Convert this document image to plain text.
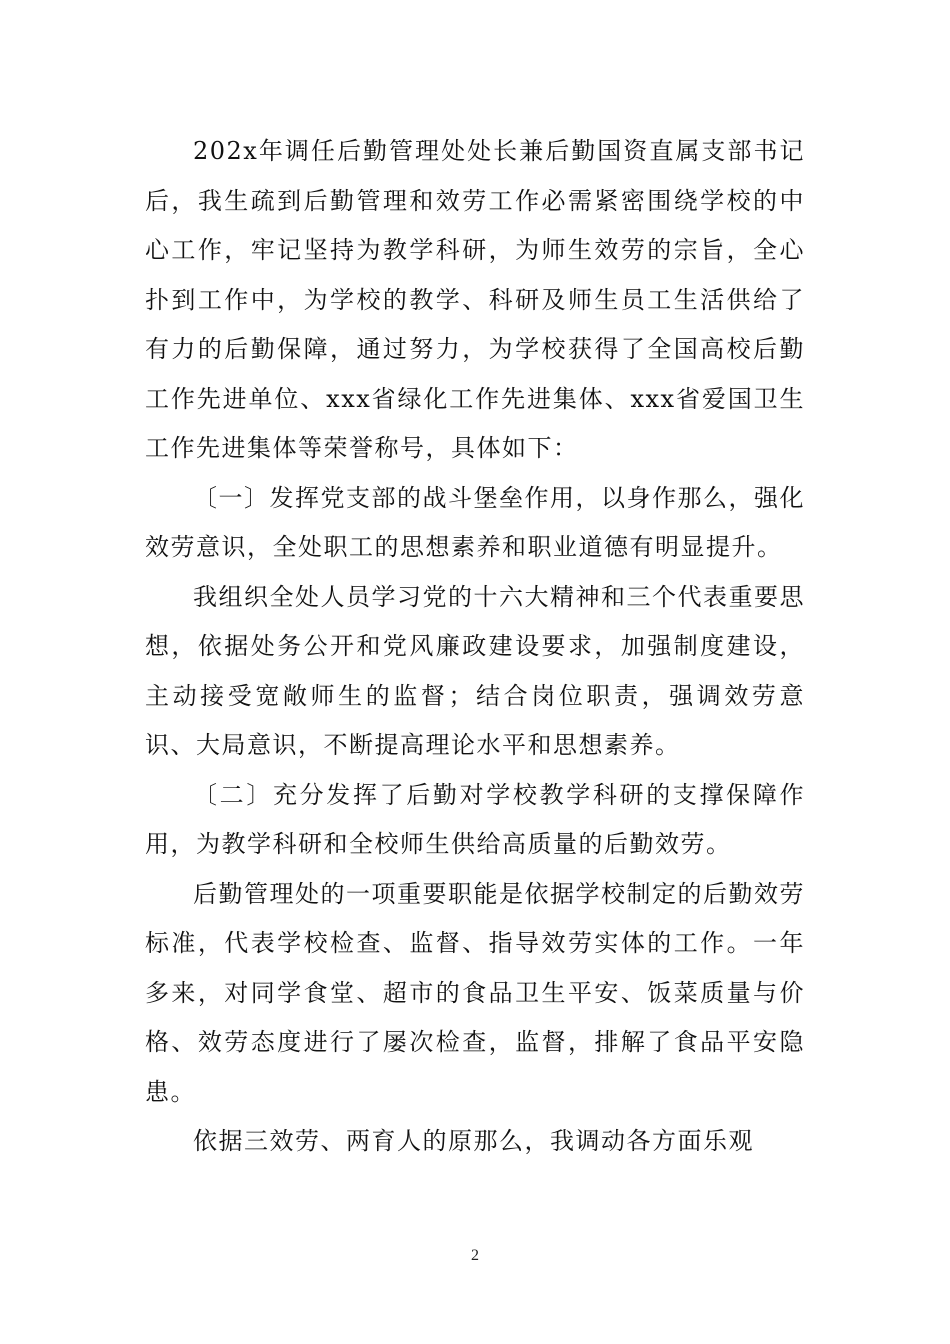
202x年调任后勤管理处处长兼后勤国资直属支部书记后，我生疏到后勤管理和效劳工作必需紧密围绕学校的中心工作，牢记坚持为教学科研，为师生效劳的宗旨，全心扑到工作中，为学校的教学、科研及师生员工生活供给了有力的后勤保障，通过努力，为学校获得了全国高校后勤工作先进单位、xxx省绿化工作先进集体、xxx省爱国卫生工作先进集体等荣誉称号，具体如下：

〔一〕发挥党支部的战斗堡垒作用，以身作那么，强化效劳意识，全处职工的思想素养和职业道德有明显提升。

我组织全处人员学习党的十六大精神和三个代表重要思想，依据处务公开和党风廉政建设要求，加强制度建设，主动接受宽敞师生的监督；结合岗位职责，强调效劳意识、大局意识，不断提高理论水平和思想素养。

〔二〕充分发挥了后勤对学校教学科研的支撑保障作用，为教学科研和全校师生供给高质量的后勤效劳。

后勤管理处的一项重要职能是依据学校制定的后勤效劳标准，代表学校检查、监督、指导效劳实体的工作。一年多来，对同学食堂、超市的食品卫生平安、饭菜质量与价格、效劳态度进行了屡次检查，监督，排解了食品平安隐患。

依据三效劳、两育人的原那么，我调动各方面乐观

2
